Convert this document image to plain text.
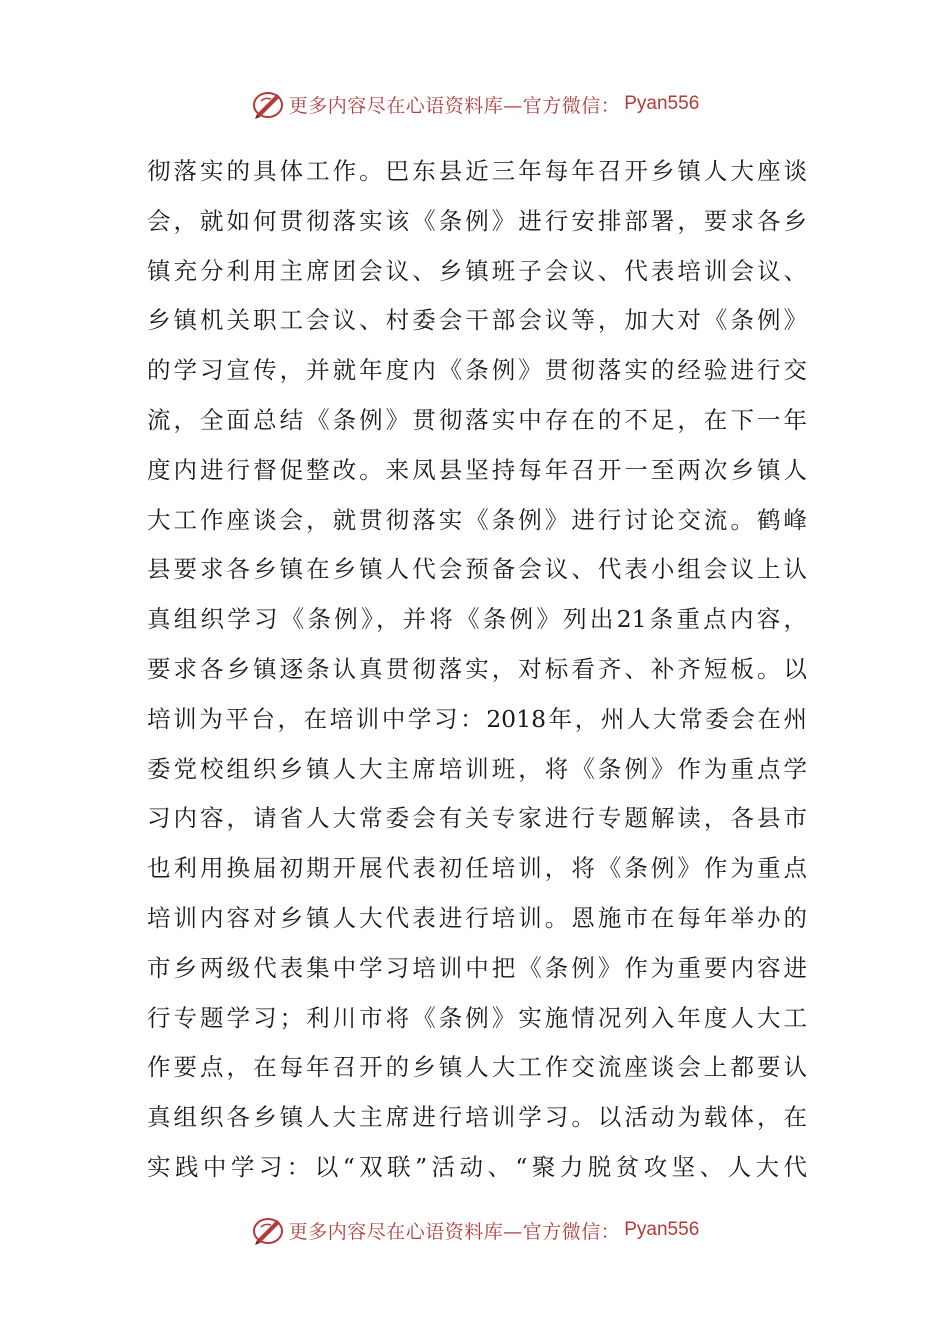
更多内容尽在心语资料库—官方微信： Pyan556
彻落实的具体工作。巴东县近三年每年召开乡镇人大座谈
会，就如何贯彻落实该《条例》进行安排部署，要求各乡
镇充分利用主席团会议、乡镇班子会议、代表培训会议、
乡镇机关职工会议、村委会干部会议等，加大对《条例》
的学习宣传，并就年度内《条例》贯彻落实的经验进行交
流，全面总结《条例》贯彻落实中存在的不足，在下一年
度内进行督促整改。来凤县坚持每年召开一至两次乡镇人
大工作座谈会，就贯彻落实《条例》进行讨论交流。鹤峰
县要求各乡镇在乡镇人代会预备会议、代表小组会议上认
真组织学习《条例》，并将《条例》列出21条重点内容，
要求各乡镇逐条认真贯彻落实，对标看齐、补齐短板。以
培训为平台，在培训中学习：2018年，州人大常委会在州
委党校组织乡镇人大主席培训班，将《条例》作为重点学
习内容，请省人大常委会有关专家进行专题解读，各县市
也利用换届初期开展代表初任培训，将《条例》作为重点
培训内容对乡镇人大代表进行培训。恩施市在每年举办的
市乡两级代表集中学习培训中把《条例》作为重要内容进
行专题学习；利川市将《条例》实施情况列入年度人大工
作要点，在每年召开的乡镇人大工作交流座谈会上都要认
真组织各乡镇人大主席进行培训学习。以活动为载体，在
实践中学习：以“双联”活动、“聚力脱贫攻坚、人大代
更多内容尽在心语资料库—官方微信： Pyan556
